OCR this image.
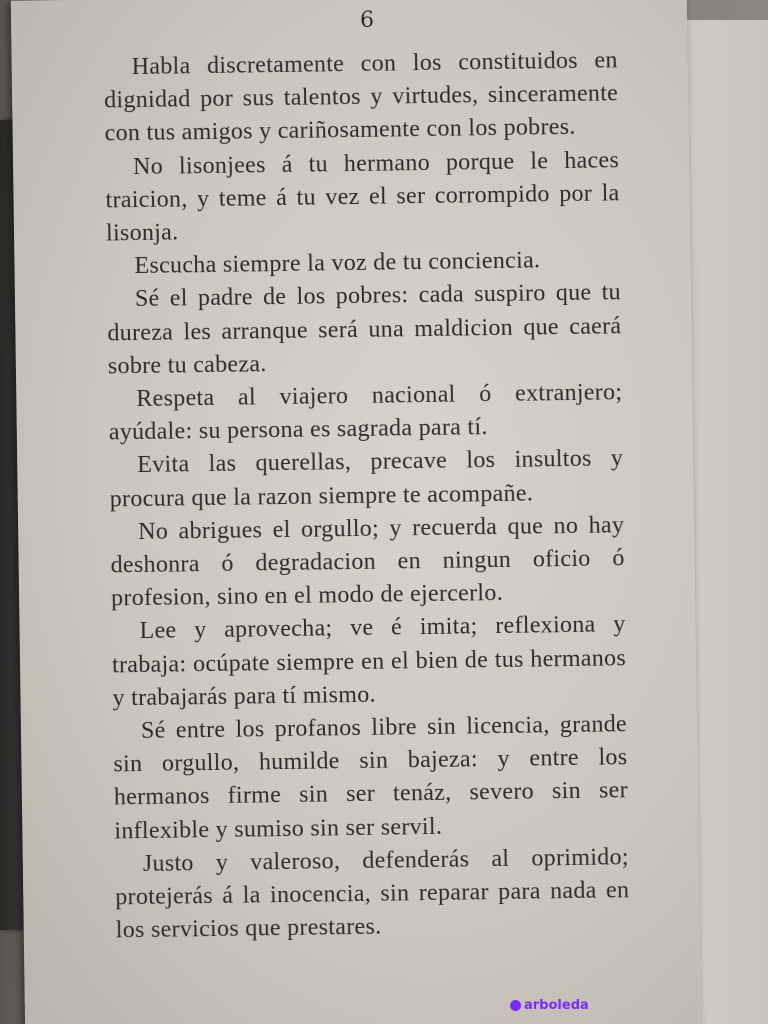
6

Habla discretamente con los constituidos en dignidad por sus talentos y virtudes, sinceramente con tus amigos y cariñosamente con los pobres.

No lisonjees á tu hermano porque le haces traicion, y teme á tu vez el ser corrompido por la lisonja.

Escucha siempre la voz de tu conciencia.

Sé el padre de los pobres: cada suspiro que tu dureza les arranque será una maldicion que caerá sobre tu cabeza.

Respeta al viajero nacional ó extranjero; ayúdale: su persona es sagrada para tí.

Evita las querellas, precave los insultos y procura que la razon siempre te acompañe.

No abrigues el orgullo; y recuerda que no hay deshonra ó degradacion en ningun oficio ó profesion, sino en el modo de ejercerlo.

Lee y aprovecha; ve é imita; reflexiona y trabaja: ocúpate siempre en el bien de tus hermanos y trabajarás para tí mismo.

Sé entre los profanos libre sin licencia, grande sin orgullo, humilde sin bajeza: y entre los hermanos firme sin ser tenáz, severo sin ser inflexible y sumiso sin ser servil.

Justo y valeroso, defenderás al oprimido; protejerás á la inocencia, sin reparar para nada en los servicios que prestares.

arboleda
